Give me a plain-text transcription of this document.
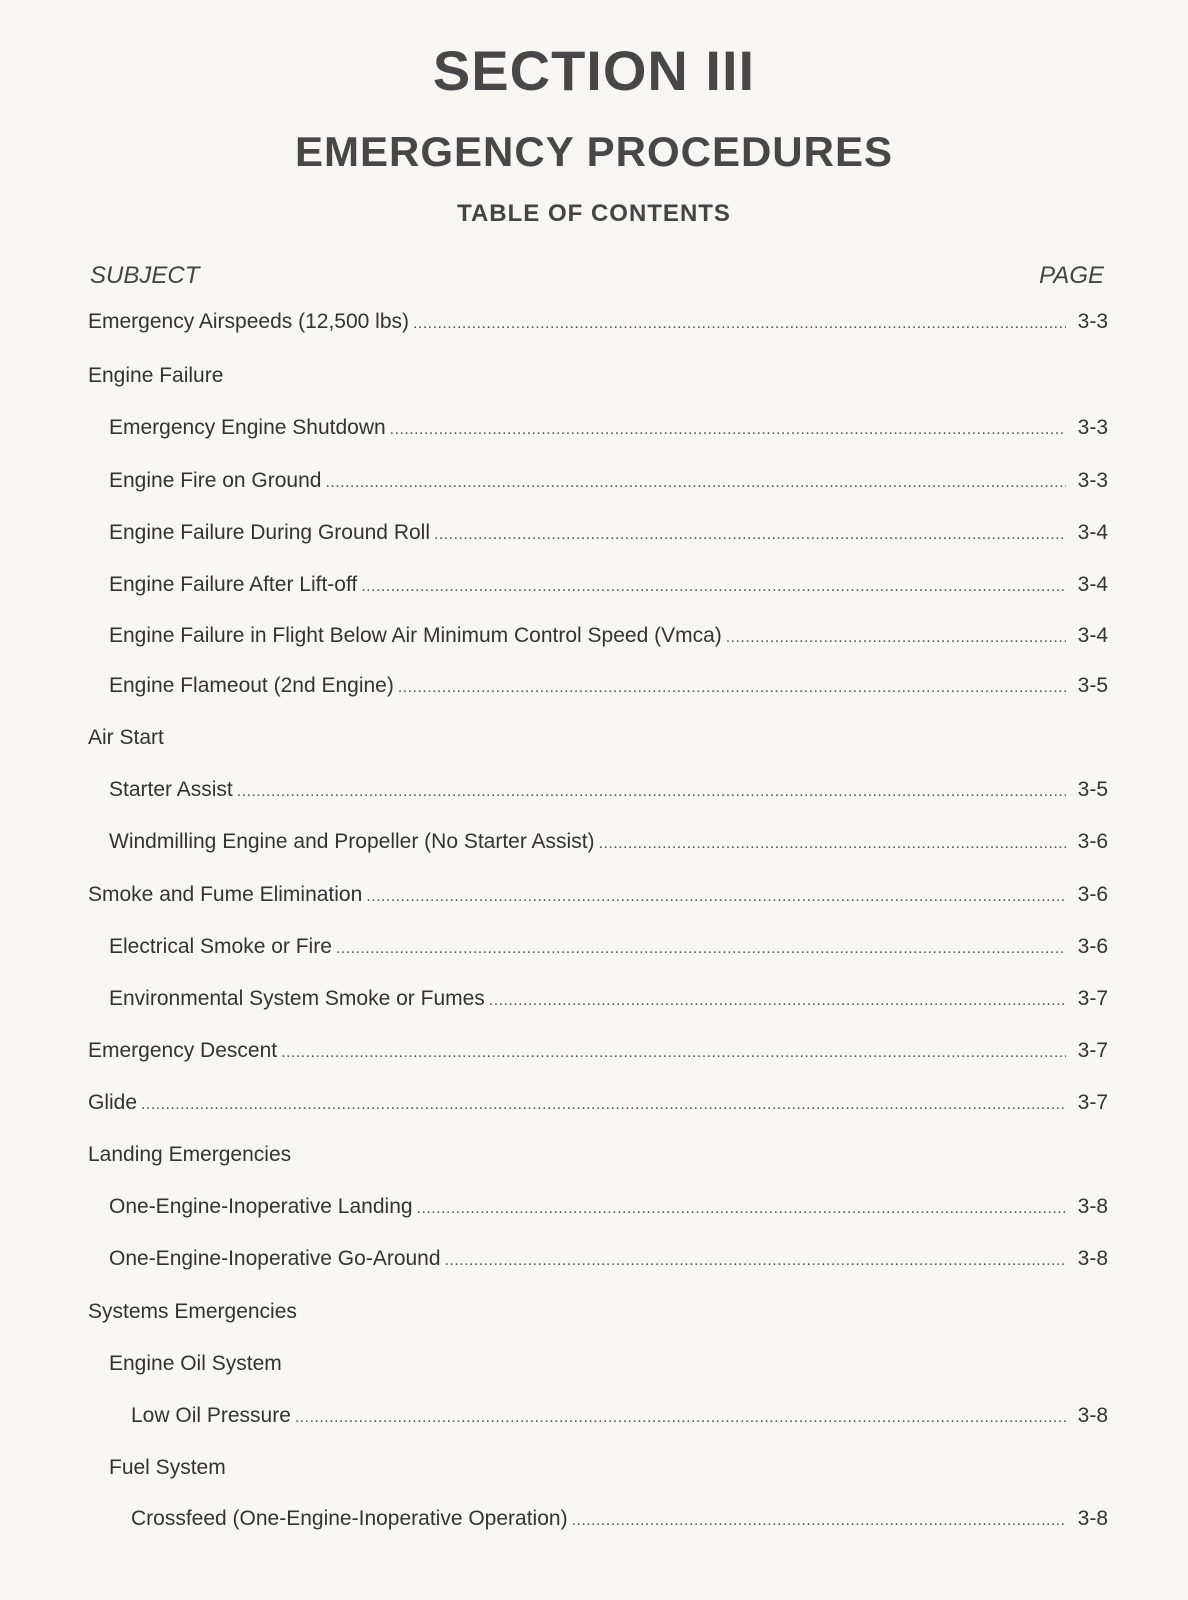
SECTION III
EMERGENCY PROCEDURES
TABLE OF CONTENTS
SUBJECT	PAGE
Emergency Airspeeds (12,500 lbs) . . .	3-3
Engine Failure
Emergency Engine Shutdown . . .	3-3
Engine Fire on Ground . . .	3-3
Engine Failure During Ground Roll . . .	3-4
Engine Failure After Lift-off . . .	3-4
Engine Failure in Flight Below Air Minimum Control Speed (Vmca) . . .	3-4
Engine Flameout (2nd Engine) . . .	3-5
Air Start
Starter Assist . . .	3-5
Windmilling Engine and Propeller (No Starter Assist) . . .	3-6
Smoke and Fume Elimination . . .	3-6
Electrical Smoke or Fire . . .	3-6
Environmental System Smoke or Fumes . . .	3-7
Emergency Descent . . .	3-7
Glide . . .	3-7
Landing Emergencies
One-Engine-Inoperative Landing . . .	3-8
One-Engine-Inoperative Go-Around . . .	3-8
Systems Emergencies
Engine Oil System
Low Oil Pressure . . .	3-8
Fuel System
Crossfeed (One-Engine-Inoperative Operation) . . .	3-8
